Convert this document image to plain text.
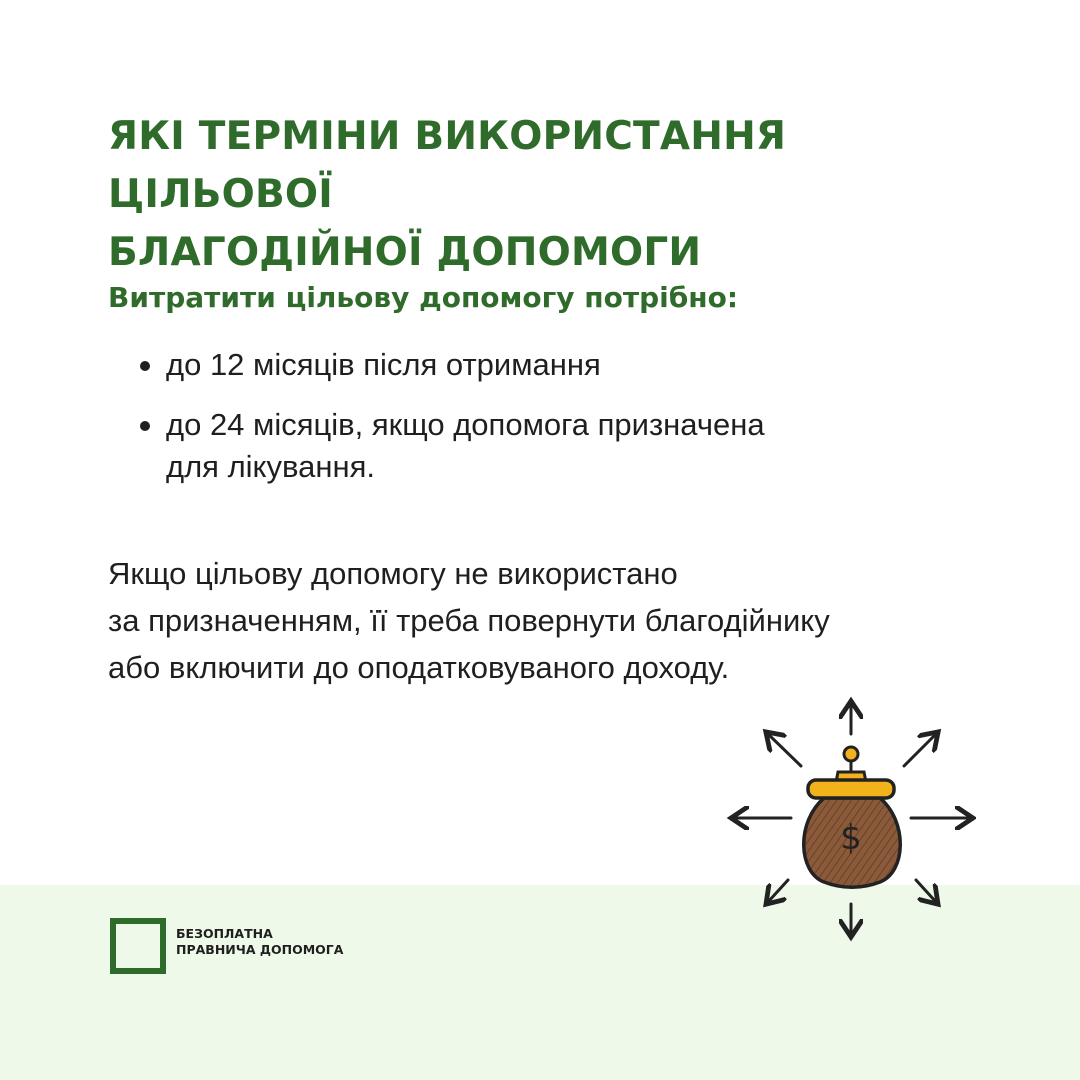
ЯКІ ТЕРМІНИ ВИКОРИСТАННЯ ЦІЛЬОВОЇ
БЛАГОДІЙНОЇ ДОПОМОГИ

Витратити цільову допомогу потрібно:

до 12 місяців після отримання
до 24 місяців, якщо допомога призначена
для лікування.

Якщо цільову допомогу не використано
за призначенням, її треба повернути благодійнику
або включити до оподатковуваного доходу.

БЕЗОПЛАТНА
ПРАВНИЧА ДОПОМОГА
$
